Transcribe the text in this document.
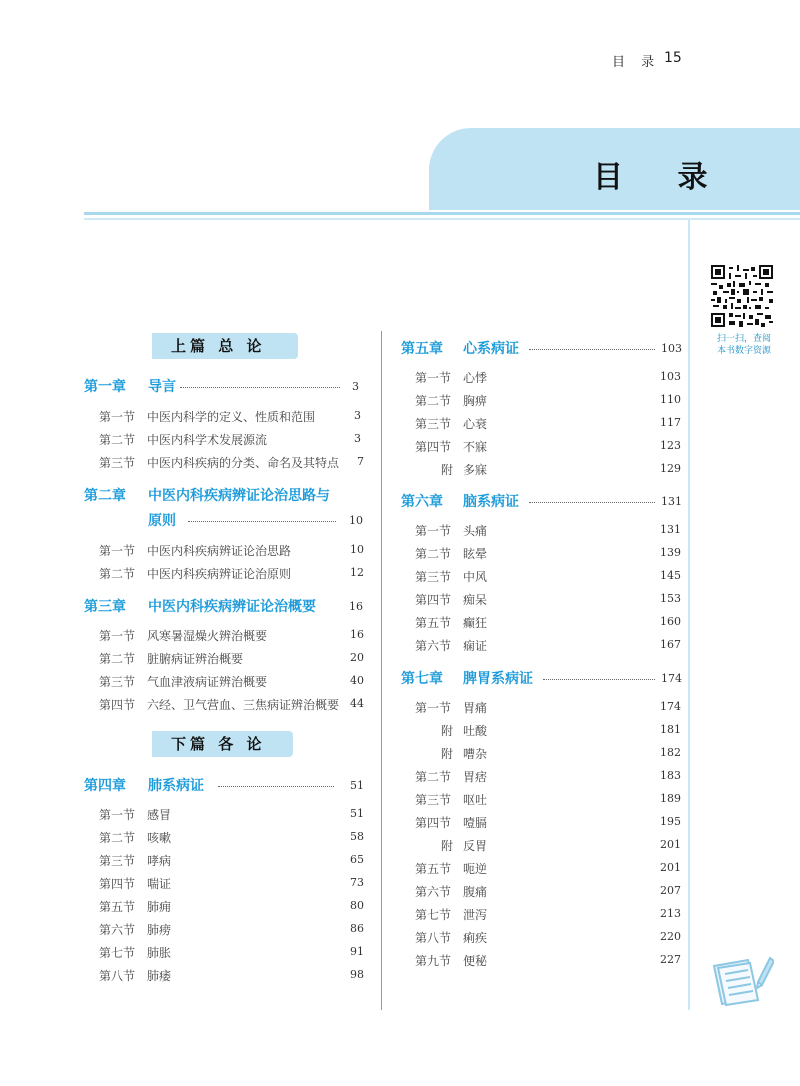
目 录 15
目 录
扫一扫，查阅
本书数字资源
上篇 总 论
第一章 导言	3
第一节 中医内科学的定义、性质和范围	3
第二节 中医内科学术发展源流	3
第三节 中医内科疾病的分类、命名及其特点 7
第二章 中医内科疾病辨证论治思路与
原则	10
第一节 中医内科疾病辨证论治思路	10
第二节 中医内科疾病辨证论治原则	12
第三章 中医内科疾病辨证论治概要	16
第一节 风寒暑湿燥火辨治概要	16
第二节 脏腑病证辨治概要	20
第三节 气血津液病证辨治概要	40
第四节 六经、卫气营血、三焦病证辨治概要 44
下篇 各 论
第四章 肺系病证	51
第一节 感冒	51
第二节 咳嗽	58
第三节 哮病	65
第四节 喘证	73
第五节 肺痈	80
第六节 肺痨	86
第七节 肺胀	91
第八节 肺痿	98
第五章 心系病证	103
第一节 心悸	103
第二节 胸痹	110
第三节 心衰	117
第四节 不寐	123
附 多寐	129
第六章 脑系病证	131
第一节 头痛	131
第二节 眩晕	139
第三节 中风	145
第四节 痴呆	153
第五节 癫狂	160
第六节 痫证	167
第七章 脾胃系病证	174
第一节 胃痛	174
附 吐酸	181
附 嘈杂	182
第二节 胃痞	183
第三节 呕吐	189
第四节 噎膈	195
附 反胃	201
第五节 呃逆	201
第六节 腹痛	207
第七节 泄泻	213
第八节 痢疾	220
第九节 便秘	227
